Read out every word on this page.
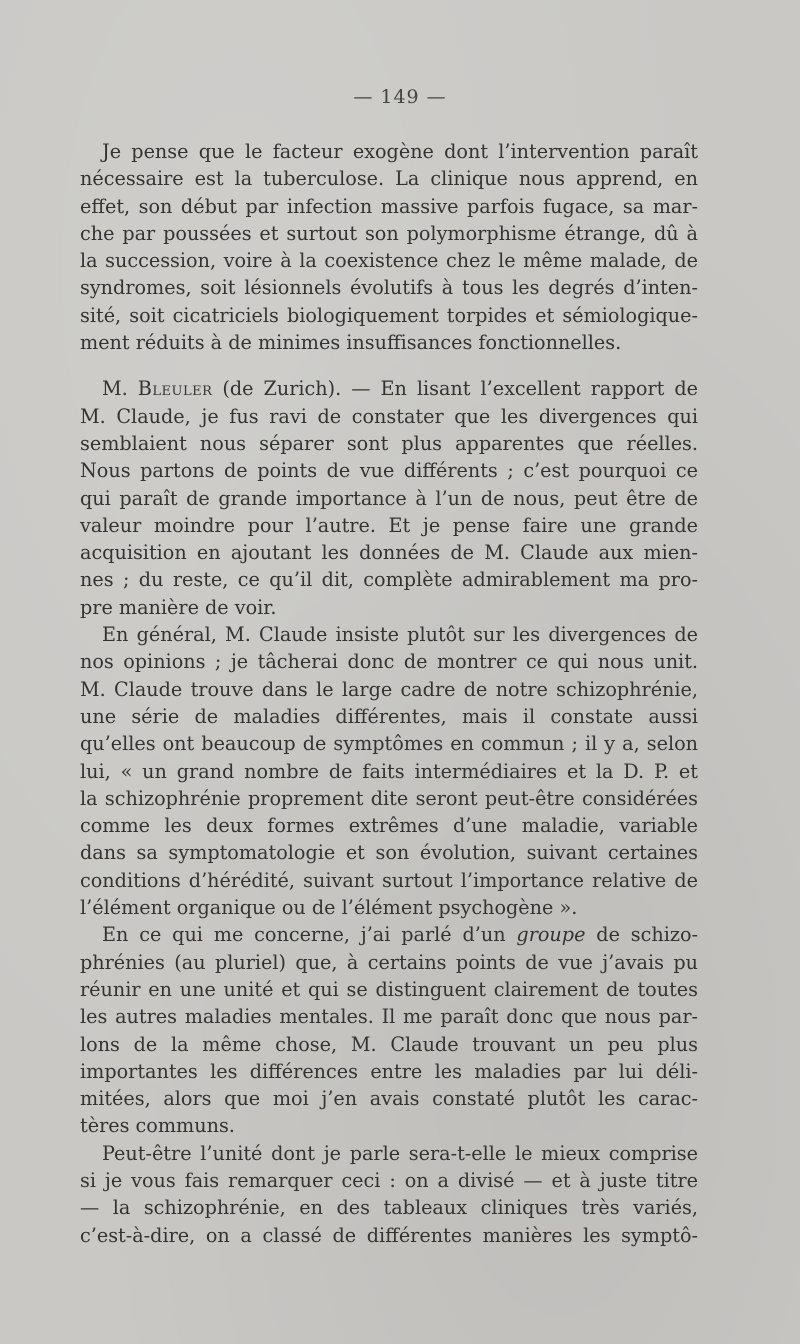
— 149 —
Je pense que le facteur exogène dont l’intervention paraît
nécessaire est la tuberculose. La clinique nous apprend, en
effet, son début par infection massive parfois fugace, sa mar-
che par poussées et surtout son polymorphisme étrange, dû à
la succession, voire à la coexistence chez le même malade, de
syndromes, soit lésionnels évolutifs à tous les degrés d’inten-
sité, soit cicatriciels biologiquement torpides et sémiologique-
ment réduits à de minimes insuffisances fonctionnelles.
M. Bleuler (de Zurich). — En lisant l’excellent rapport de
M. Claude, je fus ravi de constater que les divergences qui
semblaient nous séparer sont plus apparentes que réelles.
Nous partons de points de vue différents ; c’est pourquoi ce
qui paraît de grande importance à l’un de nous, peut être de
valeur moindre pour l’autre. Et je pense faire une grande
acquisition en ajoutant les données de M. Claude aux mien-
nes ; du reste, ce qu’il dit, complète admirablement ma pro-
pre manière de voir.
En général, M. Claude insiste plutôt sur les divergences de
nos opinions ; je tâcherai donc de montrer ce qui nous unit.
M. Claude trouve dans le large cadre de notre schizophrénie,
une série de maladies différentes, mais il constate aussi
qu’elles ont beaucoup de symptômes en commun ; il y a, selon
lui, « un grand nombre de faits intermédiaires et la D. P. et
la schizophrénie proprement dite seront peut-être considérées
comme les deux formes extrêmes d’une maladie, variable
dans sa symptomatologie et son évolution, suivant certaines
conditions d’hérédité, suivant surtout l’importance relative de
l’élément organique ou de l’élément psychogène ».
En ce qui me concerne, j’ai parlé d’un groupe de schizo-
phrénies (au pluriel) que, à certains points de vue j’avais pu
réunir en une unité et qui se distinguent clairement de toutes
les autres maladies mentales. Il me paraît donc que nous par-
lons de la même chose, M. Claude trouvant un peu plus
importantes les différences entre les maladies par lui déli-
mitées, alors que moi j’en avais constaté plutôt les carac-
tères communs.
Peut-être l’unité dont je parle sera-t-elle le mieux comprise
si je vous fais remarquer ceci : on a divisé — et à juste titre
— la schizophrénie, en des tableaux cliniques très variés,
c’est-à-dire, on a classé de différentes manières les symptô-
